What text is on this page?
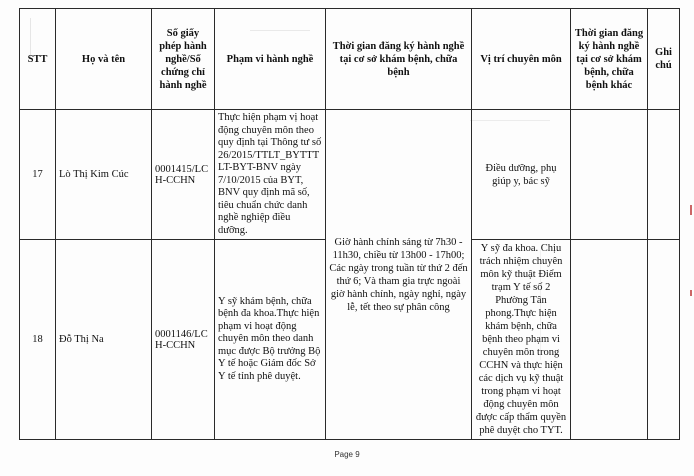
STT	Họ và tên	Số giấy phép hành nghề/Số chứng chỉ hành nghề	Phạm vi hành nghề	Thời gian đăng ký hành nghề tại cơ sở khám bệnh, chữa bệnh	Vị trí chuyên môn	Thời gian đăng ký hành nghề tại cơ sở khám bệnh, chữa bệnh khác	Ghi chú
17	Lò Thị Kim Cúc	0001415/LCH-CCHN	Thực hiện phạm vị hoạt động chuyên môn theo quy định tại Thông tư số 26/2015/TTLT_BYTTTLT-BYT-BNV ngày 7/10/2015 của BYT, BNV quy định mã số, tiêu chuẩn chức danh nghề nghiệp điều dưỡng.	Giờ hành chính sáng từ 7h30 - 11h30, chiều từ 13h00 - 17h00; Các ngày trong tuần từ thứ 2 đến thứ 6; Và tham gia trực ngoài giờ hành chính, ngày nghỉ, ngày lễ, tết theo sự phân công	Điều dưỡng, phụ giúp y, bác sỹ		
18	Đỗ Thị Na	0001146/LCH-CCHN	Y sỹ khám bệnh, chữa bệnh đa khoa.Thực hiện phạm vi hoạt động chuyên môn theo danh mục được Bộ trưởng Bộ Y tế hoặc Giám đốc Sở Y tế tỉnh phê duyệt.		Y sỹ đa khoa. Chịu trách nhiệm chuyên môn kỹ thuật Điểm trạm Y tế số 2 Phường Tân phong.Thực hiện khám bệnh, chữa bệnh theo phạm vi chuyên môn trong CCHN và thực hiện các dịch vụ kỹ thuật trong phạm vi hoạt động chuyên môn được cấp thẩm quyền phê duyệt cho TYT.		
Page 9
